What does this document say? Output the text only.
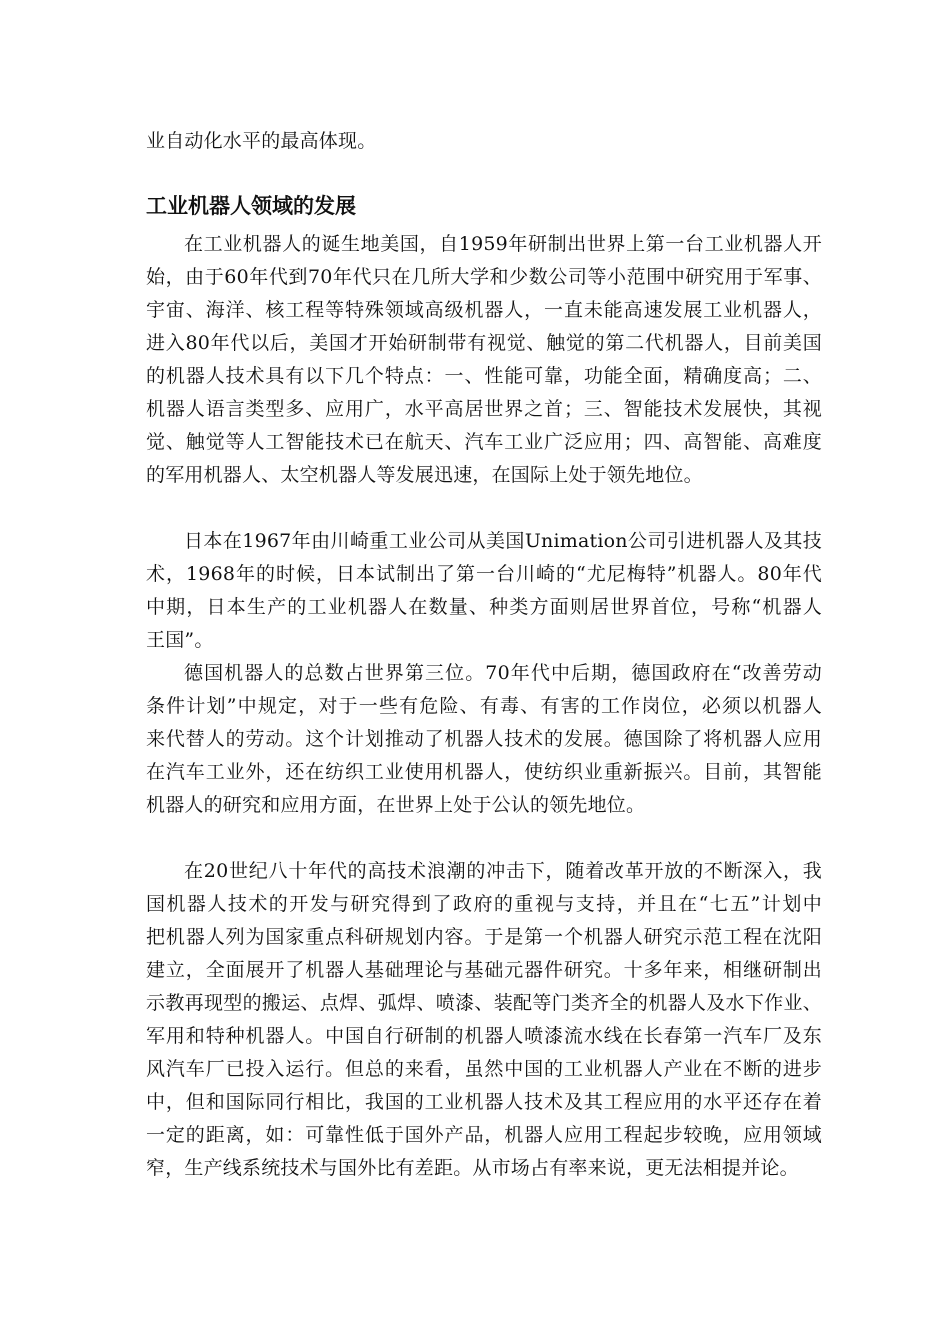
业自动化水平的最高体现。
工业机器人领域的发展
在工业机器人的诞生地美国，自1959年研制出世界上第一台工业机器人开
始，由于60年代到70年代只在几所大学和少数公司等小范围中研究用于军事、
宇宙、海洋、核工程等特殊领域高级机器人，一直未能高速发展工业机器人，
进入80年代以后，美国才开始研制带有视觉、触觉的第二代机器人，目前美国
的机器人技术具有以下几个特点：一、性能可靠，功能全面，精确度高；二、
机器人语言类型多、应用广，水平高居世界之首；三、智能技术发展快，其视
觉、触觉等人工智能技术已在航天、汽车工业广泛应用；四、高智能、高难度
的军用机器人、太空机器人等发展迅速，在国际上处于领先地位。
日本在1967年由川崎重工业公司从美国Unimation公司引进机器人及其技
术，1968年的时候，日本试制出了第一台川崎的“尤尼梅特”机器人。80年代
中期，日本生产的工业机器人在数量、种类方面则居世界首位，号称“机器人
王国”。
德国机器人的总数占世界第三位。70年代中后期，德国政府在“改善劳动
条件计划”中规定，对于一些有危险、有毒、有害的工作岗位，必须以机器人
来代替人的劳动。这个计划推动了机器人技术的发展。德国除了将机器人应用
在汽车工业外，还在纺织工业使用机器人，使纺织业重新振兴。目前，其智能
机器人的研究和应用方面，在世界上处于公认的领先地位。
在20世纪八十年代的高技术浪潮的冲击下，随着改革开放的不断深入，我
国机器人技术的开发与研究得到了政府的重视与支持，并且在“七五”计划中
把机器人列为国家重点科研规划内容。于是第一个机器人研究示范工程在沈阳
建立，全面展开了机器人基础理论与基础元器件研究。十多年来，相继研制出
示教再现型的搬运、点焊、弧焊、喷漆、装配等门类齐全的机器人及水下作业、
军用和特种机器人。中国自行研制的机器人喷漆流水线在长春第一汽车厂及东
风汽车厂已投入运行。但总的来看，虽然中国的工业机器人产业在不断的进步
中，但和国际同行相比，我国的工业机器人技术及其工程应用的水平还存在着
一定的距离，如：可靠性低于国外产品，机器人应用工程起步较晚，应用领域
窄，生产线系统技术与国外比有差距。从市场占有率来说，更无法相提并论。
